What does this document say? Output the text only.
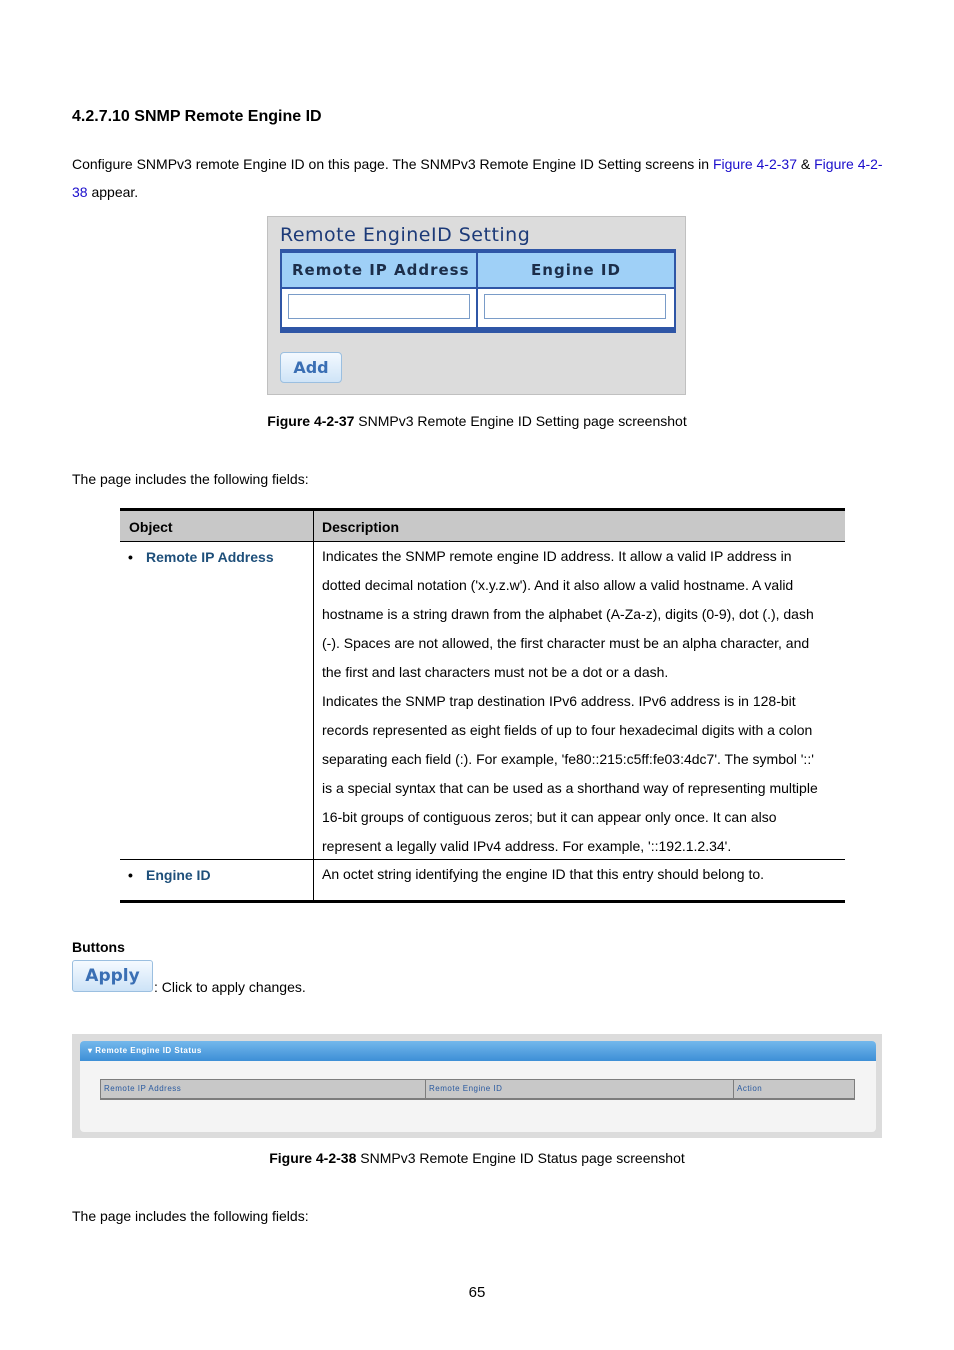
4.2.7.10 SNMP Remote Engine ID

Configure SNMPv3 remote Engine ID on this page. The SNMPv3 Remote Engine ID Setting screens in Figure 4-2-37 & Figure 4-2-38 appear.

Remote EngineID Setting
Remote IP Address	Engine ID
Add
Figure 4-2-37 SNMPv3 Remote Engine ID Setting page screenshot
The page includes the following fields:
Object	Description
• Remote IP Address	Indicates the SNMP remote engine ID address. It allow a valid IP address in
dotted decimal notation ('x.y.z.w'). And it also allow a valid hostname. A valid
hostname is a string drawn from the alphabet (A-Za-z), digits (0-9), dot (.), dash
(-). Spaces are not allowed, the first character must be an alpha character, and
the first and last characters must not be a dot or a dash.
Indicates the SNMP trap destination IPv6 address. IPv6 address is in 128-bit
records represented as eight fields of up to four hexadecimal digits with a colon
separating each field (:). For example, 'fe80::215:c5ff:fe03:4dc7'. The symbol '::'
is a special syntax that can be used as a shorthand way of representing multiple
16-bit groups of contiguous zeros; but it can appear only once. It can also
represent a legally valid IPv4 address. For example, '::192.1.2.34'.
• Engine ID	An octet string identifying the engine ID that this entry should belong to.
Buttons
Apply
: Click to apply changes.
▾ Remote Engine ID Status
Remote IP Address	Remote Engine ID	Action
Figure 4-2-38 SNMPv3 Remote Engine ID Status page screenshot
The page includes the following fields:
65
